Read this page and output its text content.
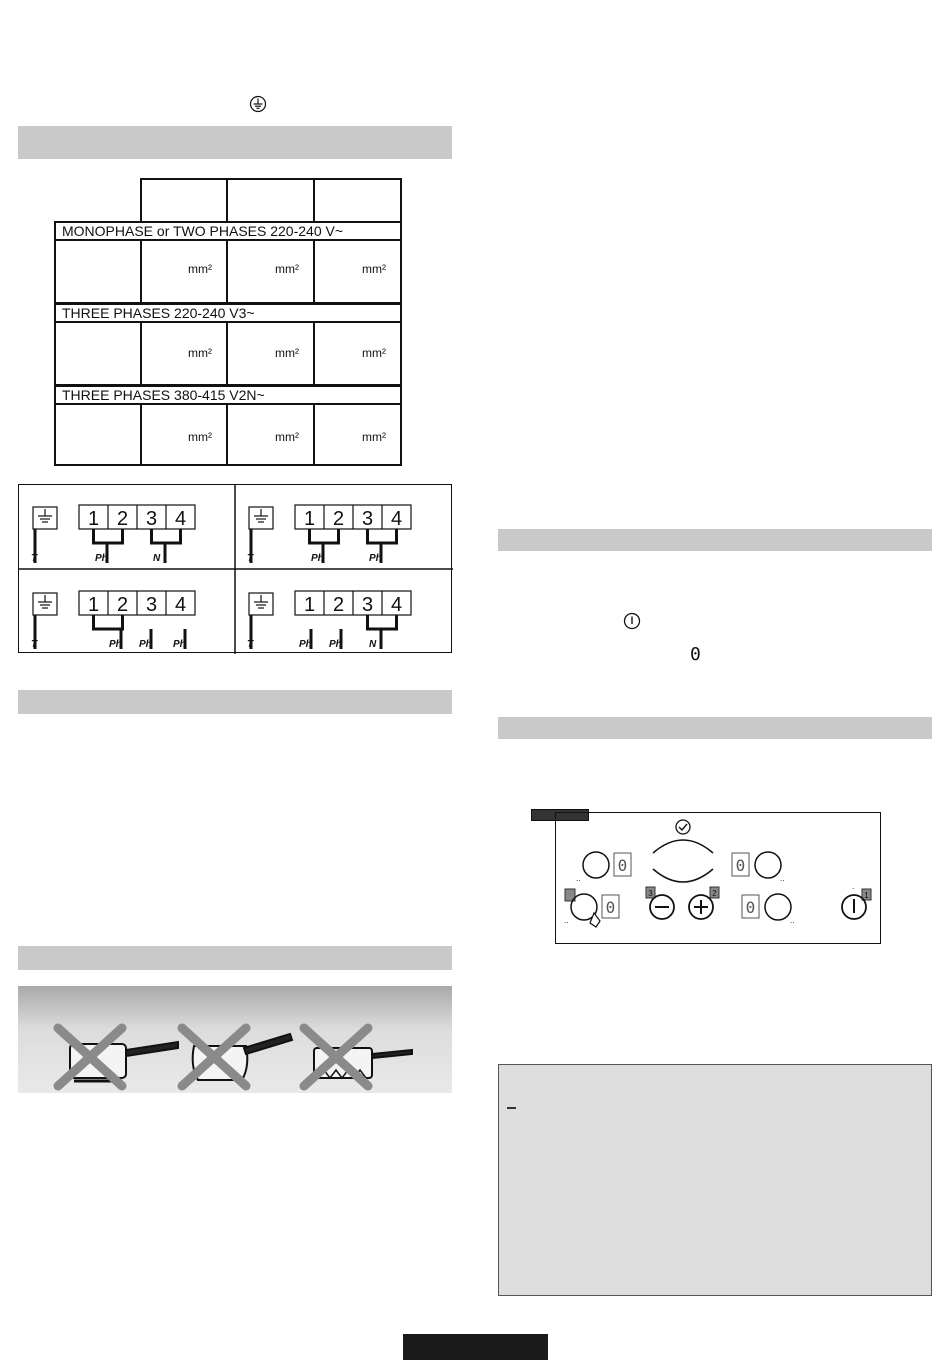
MONOPHASE or TWO PHASES 220-240 V~
mm²	mm²	mm²
THREE PHASES 220-240 V3~
mm²	mm²	mm²
THREE PHASES 380-415 V2N~
mm²	mm²	mm²
T
1 2 3 4
Ph	N	T
1 2 3 4
Ph	Ph
T
1 2 3 4
Ph Ph Ph	T
1 2 3 4
Ph Ph	N	0
0
..
0
..
0
..
3	2
0
..
1
.
